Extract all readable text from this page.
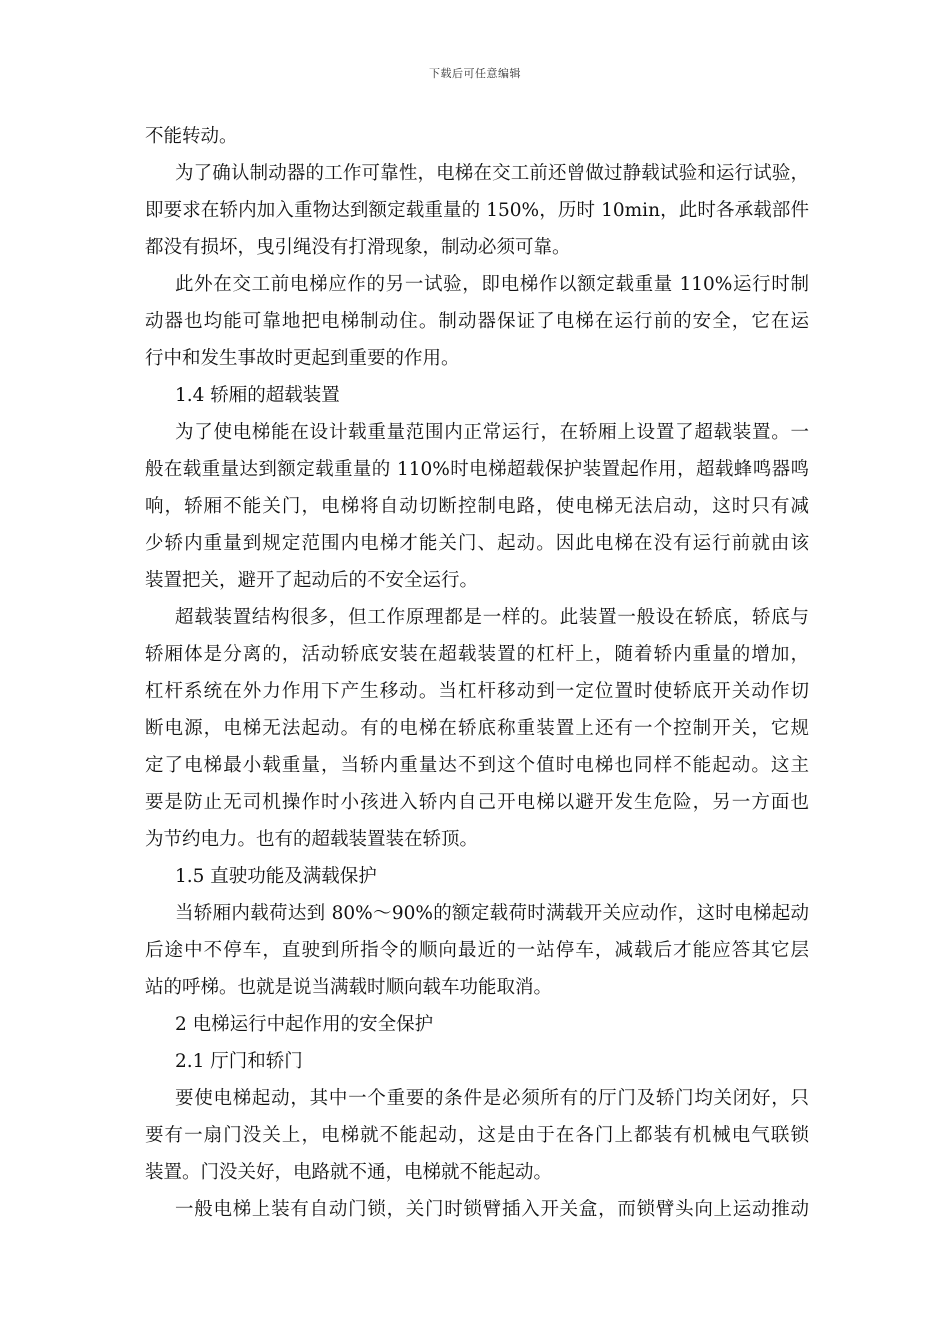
下载后可任意编辑
不能转动。
为了确认制动器的工作可靠性，电梯在交工前还曾做过静载试验和运行试验，
即要求在轿内加入重物达到额定载重量的 150%，历时 10min，此时各承载部件
都没有损坏，曳引绳没有打滑现象，制动必须可靠。
此外在交工前电梯应作的另一试验，即电梯作以额定载重量 110%运行时制
动器也均能可靠地把电梯制动住。制动器保证了电梯在运行前的安全，它在运
行中和发生事故时更起到重要的作用。
1.4 轿厢的超载装置
为了使电梯能在设计载重量范围内正常运行，在轿厢上设置了超载装置。一
般在载重量达到额定载重量的 110%时电梯超载保护装置起作用，超载蜂鸣器鸣
响，轿厢不能关门，电梯将自动切断控制电路，使电梯无法启动，这时只有减
少轿内重量到规定范围内电梯才能关门、起动。因此电梯在没有运行前就由该
装置把关，避开了起动后的不安全运行。
超载装置结构很多，但工作原理都是一样的。此装置一般设在轿底，轿底与
轿厢体是分离的，活动轿底安装在超载装置的杠杆上，随着轿内重量的增加，
杠杆系统在外力作用下产生移动。当杠杆移动到一定位置时使轿底开关动作切
断电源，电梯无法起动。有的电梯在轿底称重装置上还有一个控制开关，它规
定了电梯最小载重量，当轿内重量达不到这个值时电梯也同样不能起动。这主
要是防止无司机操作时小孩进入轿内自己开电梯以避开发生危险，另一方面也
为节约电力。也有的超载装置装在轿顶。
1.5 直驶功能及满载保护
当轿厢内载荷达到 80%～90%的额定载荷时满载开关应动作，这时电梯起动
后途中不停车，直驶到所指令的顺向最近的一站停车，减载后才能应答其它层
站的呼梯。也就是说当满载时顺向载车功能取消。
2 电梯运行中起作用的安全保护
2.1 厅门和轿门
要使电梯起动，其中一个重要的条件是必须所有的厅门及轿门均关闭好，只
要有一扇门没关上，电梯就不能起动，这是由于在各门上都装有机械电气联锁
装置。门没关好，电路就不通，电梯就不能起动。
一般电梯上装有自动门锁，关门时锁臂插入开关盒，而锁臂头向上运动推动
